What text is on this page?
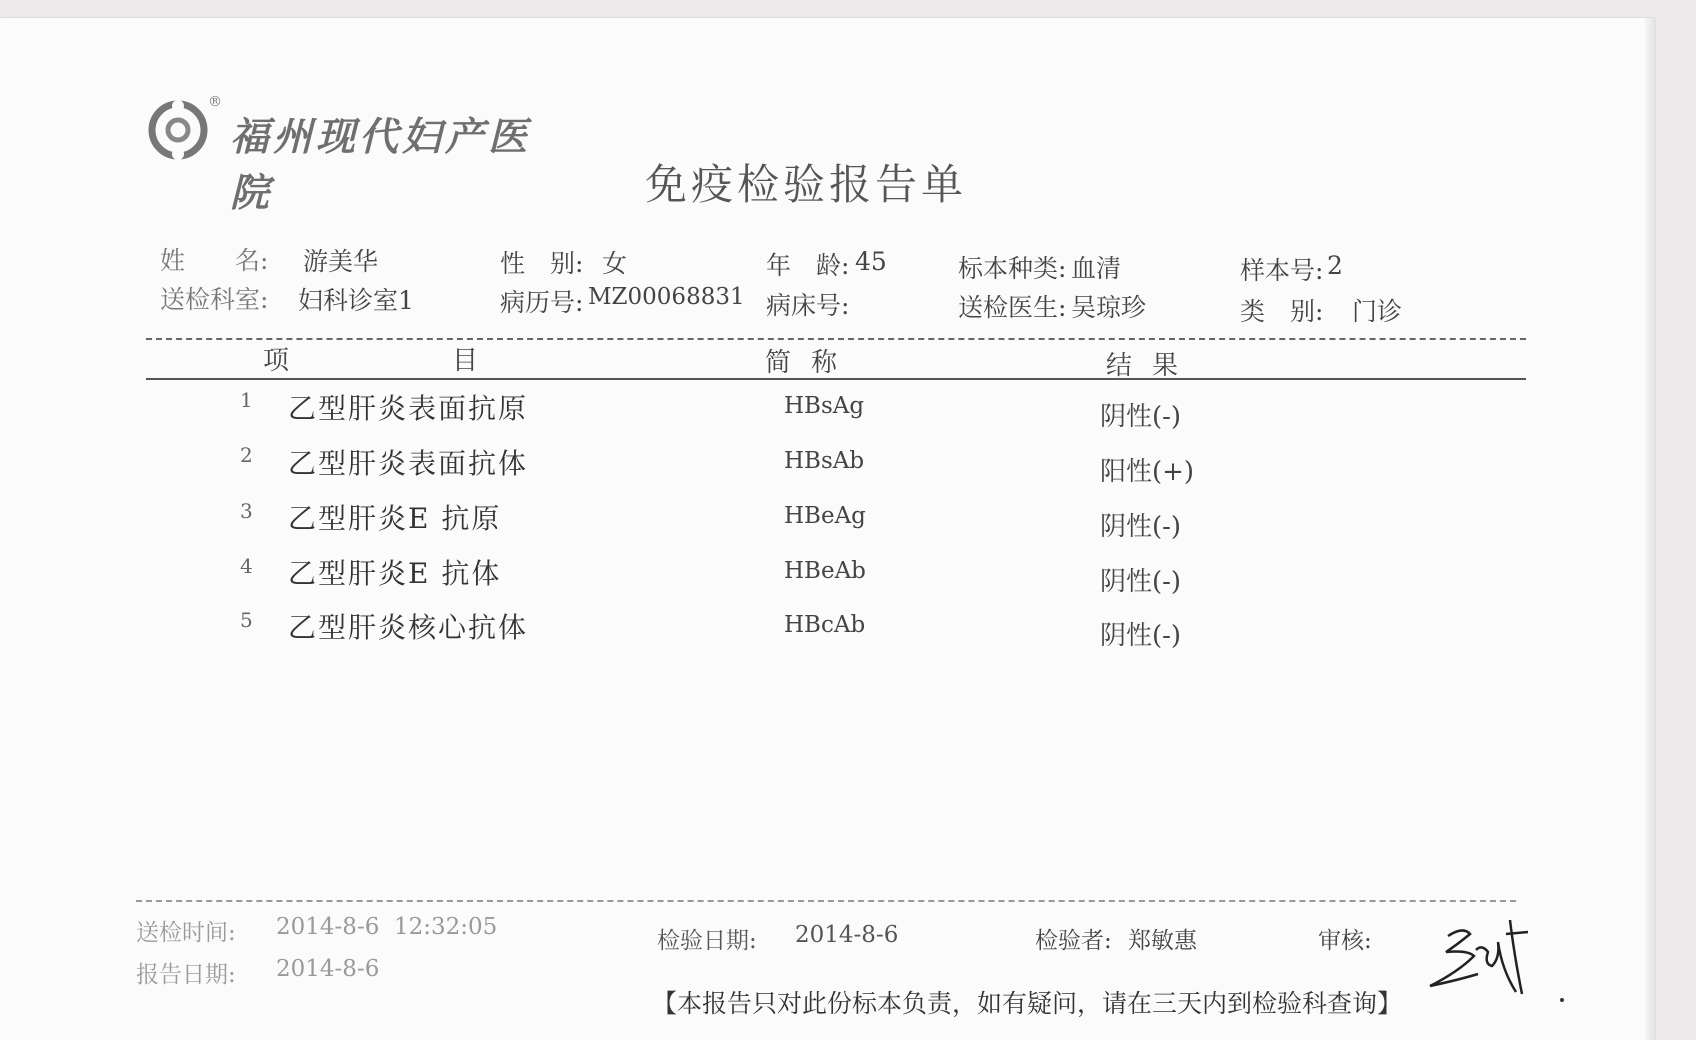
®
福州现代妇产医院	免疫检验报告单
姓　　名: 游美华	性　别: 女	年　龄: 45	标本种类: 血清	样本号: 2
送检科室: 妇科诊室1	病历号: MZ00068831 病床号:	送检医生: 吴琼珍	类　别: 门诊
项	目	简称	结果
1 乙型肝炎表面抗原	HBsAg	阴性(-)
2 乙型肝炎表面抗体	HBsAb	阳性(+)
3 乙型肝炎E 抗原	HBeAg	阴性(-)
4 乙型肝炎E 抗体	HBeAb	阴性(-)
5 乙型肝炎核心抗体	HBcAb	阴性(-)
送检时间: 2014-8-6  12:32:05
报告日期: 2014-8-6
检验日期: 2014-8-6	检验者: 郑敏惠	审核:
【本报告只对此份标本负责，如有疑问，请在三天内到检验科查询】
